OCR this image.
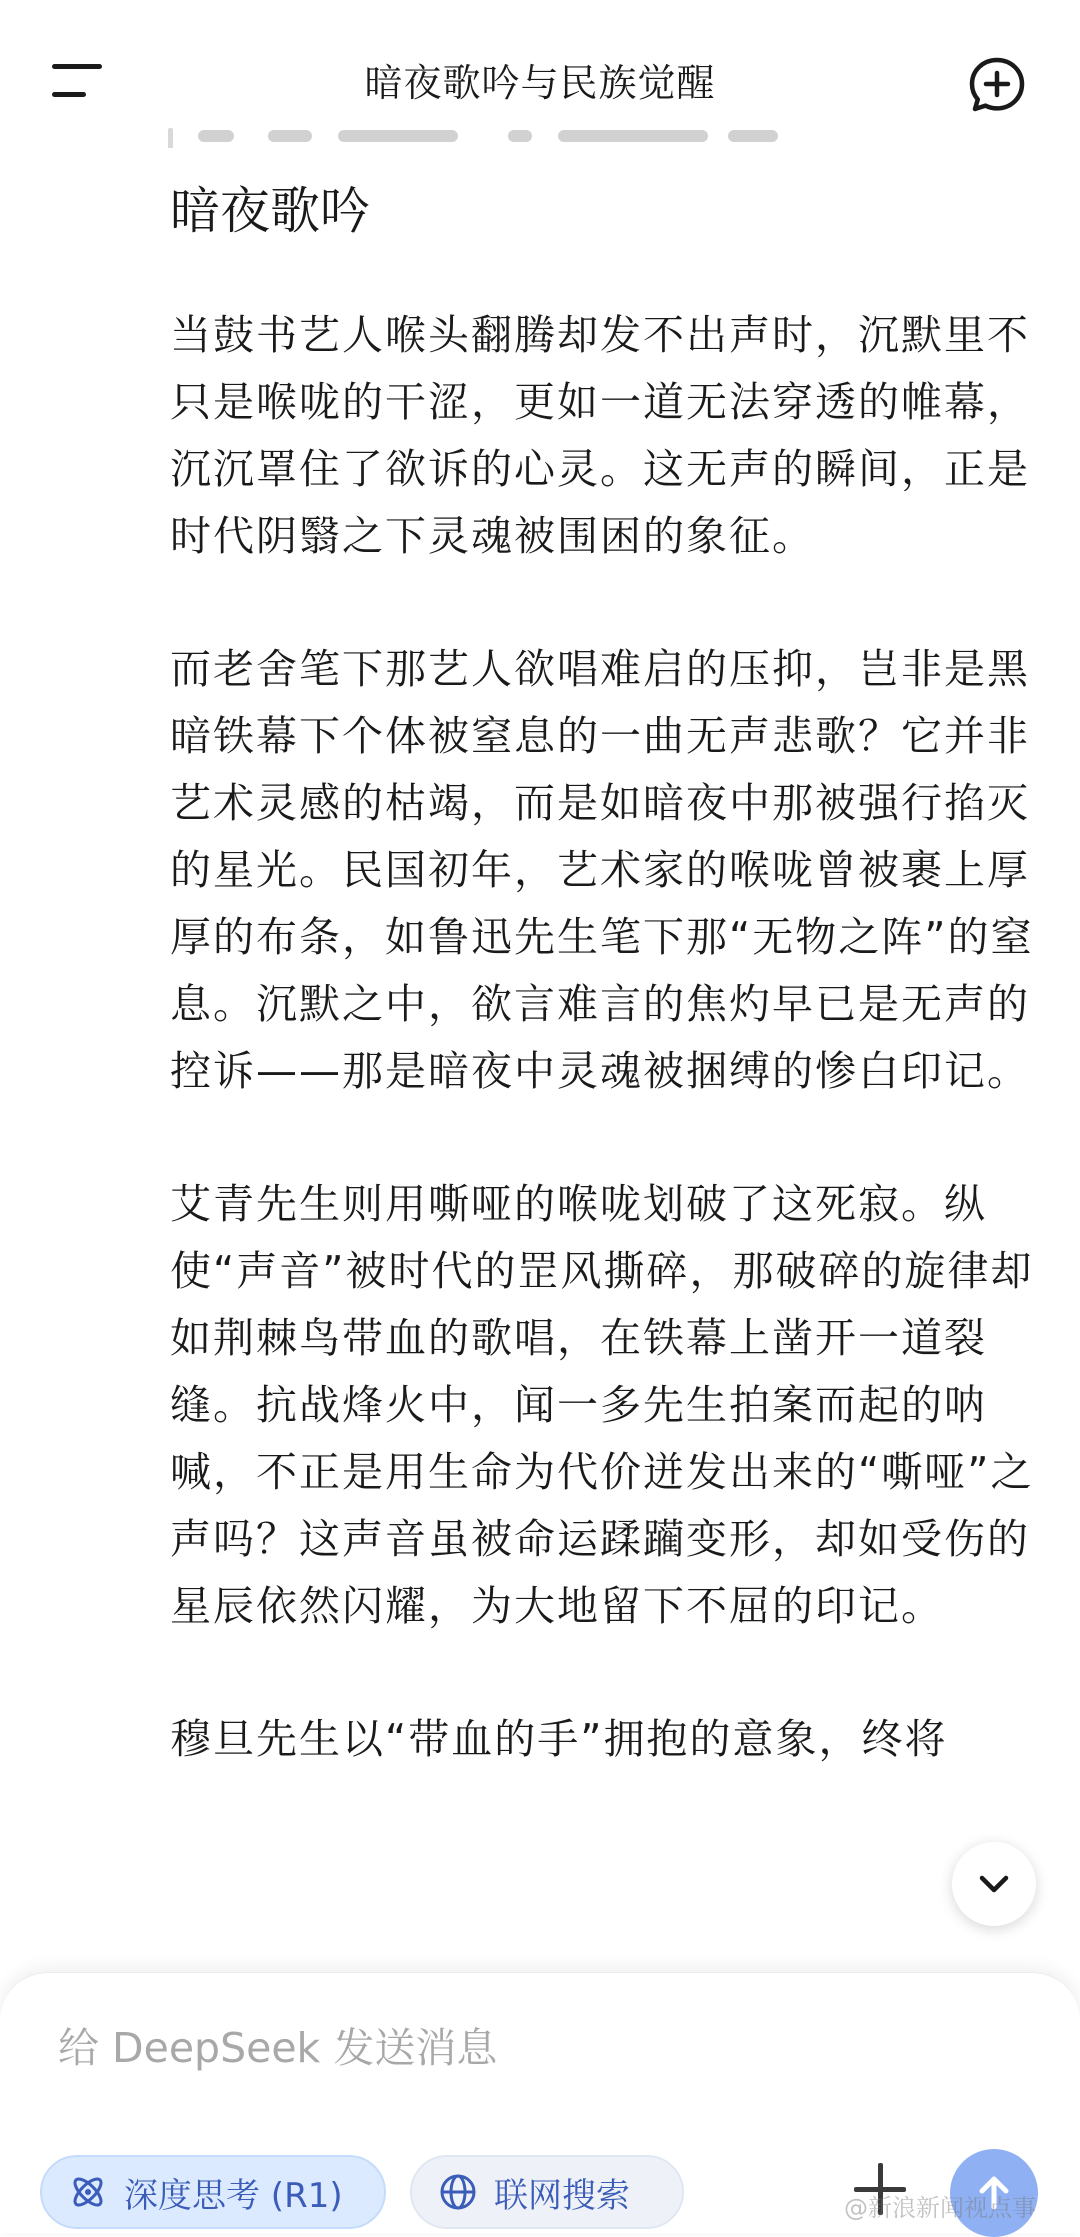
暗夜歌吟与民族觉醒
暗夜歌吟

当鼓书艺人喉头翻腾却发不出声时，沉默里不只是喉咙的干涩，更如一道无法穿透的帷幕，沉沉罩住了欲诉的心灵。这无声的瞬间，正是时代阴翳之下灵魂被围困的象征。

而老舍笔下那艺人欲唱难启的压抑，岂非是黑暗铁幕下个体被窒息的一曲无声悲歌？它并非艺术灵感的枯竭，而是如暗夜中那被强行掐灭的星光。民国初年，艺术家的喉咙曾被裹上厚厚的布条，如鲁迅先生笔下那“无物之阵”的窒息。沉默之中，欲言难言的焦灼早已是无声的控诉——那是暗夜中灵魂被捆缚的惨白印记。

艾青先生则用嘶哑的喉咙划破了这死寂。纵使“声音”被时代的罡风撕碎，那破碎的旋律却如荆棘鸟带血的歌唱，在铁幕上凿开一道裂缝。抗战烽火中，闻一多先生拍案而起的呐喊，不正是用生命为代价迸发出来的“嘶哑”之声吗？这声音虽被命运蹂躏变形，却如受伤的星辰依然闪耀，为大地留下不屈的印记。

穆旦先生以“带血的手”拥抱的意象，终将

给 DeepSeek 发送消息
深度思考 (R1)	联网搜索	@新浪新闻视点事
